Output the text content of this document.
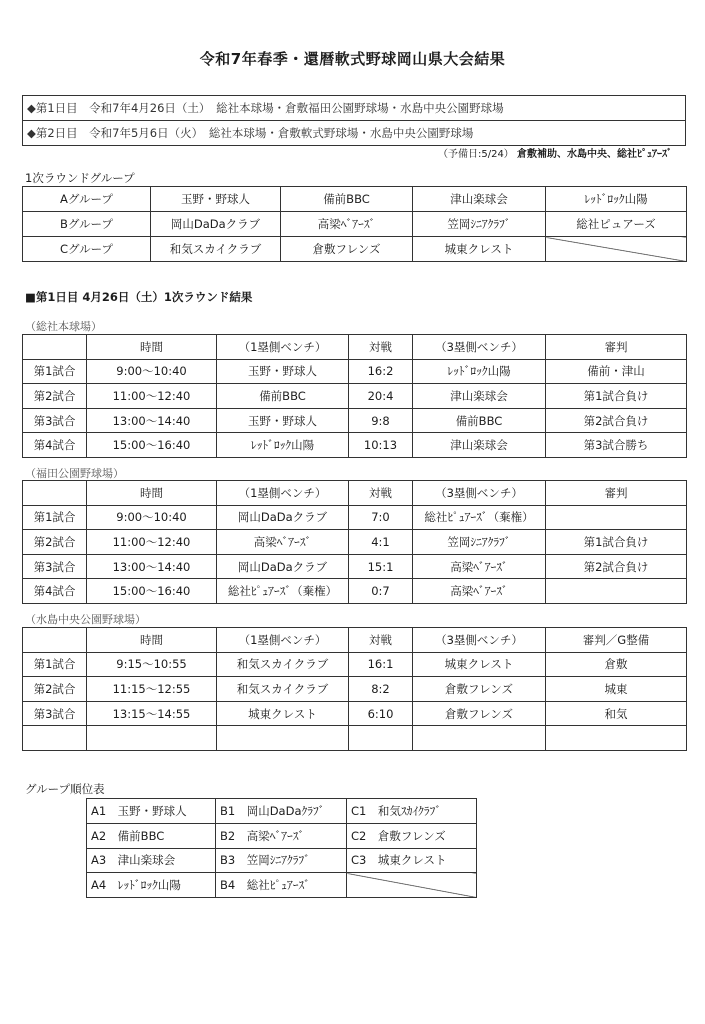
令和7年春季・還暦軟式野球岡山県大会結果
◆第1日目　令和7年4月26日（土）　総社本球場・倉敷福田公園野球場・水島中央公園野球場
◆第2日目　令和7年5月6日（火）　総社本球場・倉敷軟式野球場・水島中央公園野球場
（予備日:5/24） 倉敷補助、水島中央、総社ﾋﾟｭｱｰｽﾞ
1次ラウンドグループ
Aグループ	玉野・野球人	備前BBC	津山楽球会	ﾚｯﾄﾞﾛｯｸ山陽
Bグループ	岡山DaDaクラブ	高梁ﾍﾞｱｰｽﾞ	笠岡ｼﾆｱｸﾗﾌﾞ	総社ピュアーズ
Cグループ	和気スカイクラブ	倉敷フレンズ	城東クレスト	
■第1日目 4月26日（土）1次ラウンド結果
（総社本球場）
	時間	（1塁側ベンチ）	対戦	（3塁側ベンチ）	審判
第1試合	9:00〜10:40	玉野・野球人	16:2	ﾚｯﾄﾞﾛｯｸ山陽	備前・津山
第2試合	11:00〜12:40	備前BBC	20:4	津山楽球会	第1試合負け
第3試合	13:00〜14:40	玉野・野球人	9:8	備前BBC	第2試合負け
第4試合	15:00〜16:40	ﾚｯﾄﾞﾛｯｸ山陽	10:13	津山楽球会	第3試合勝ち
（福田公園野球場）
	時間	（1塁側ベンチ）	対戦	（3塁側ベンチ）	審判
第1試合	9:00〜10:40	岡山DaDaクラブ	7:0	総社ﾋﾟｭｱｰｽﾞ（棄権）	
第2試合	11:00〜12:40	高梁ﾍﾞｱｰｽﾞ	4:1	笠岡ｼﾆｱｸﾗﾌﾞ	第1試合負け
第3試合	13:00〜14:40	岡山DaDaクラブ	15:1	高梁ﾍﾞｱｰｽﾞ	第2試合負け
第4試合	15:00〜16:40	総社ﾋﾟｭｱｰｽﾞ（棄権）	0:7	高梁ﾍﾞｱｰｽﾞ	
（水島中央公園野球場）
	時間	（1塁側ベンチ）	対戦	（3塁側ベンチ）	審判／G整備
第1試合	9:15〜10:55	和気スカイクラブ	16:1	城東クレスト	倉敷
第2試合	11:15〜12:55	和気スカイクラブ	8:2	倉敷フレンズ	城東
第3試合	13:15〜14:55	城東クレスト	6:10	倉敷フレンズ	和気

グループ順位表
A1　玉野・野球人	B1　岡山DaDaｸﾗﾌﾞ	C1　和気ｽｶｲｸﾗﾌﾞ
A2　備前BBC	B2　高梁ﾍﾞｱｰｽﾞ	C2　倉敷フレンズ
A3　津山楽球会	B3　笠岡ｼﾆｱｸﾗﾌﾞ	C3　城東クレスト
A4　ﾚｯﾄﾞﾛｯｸ山陽	B4　総社ﾋﾟｭｱｰｽﾞ	
